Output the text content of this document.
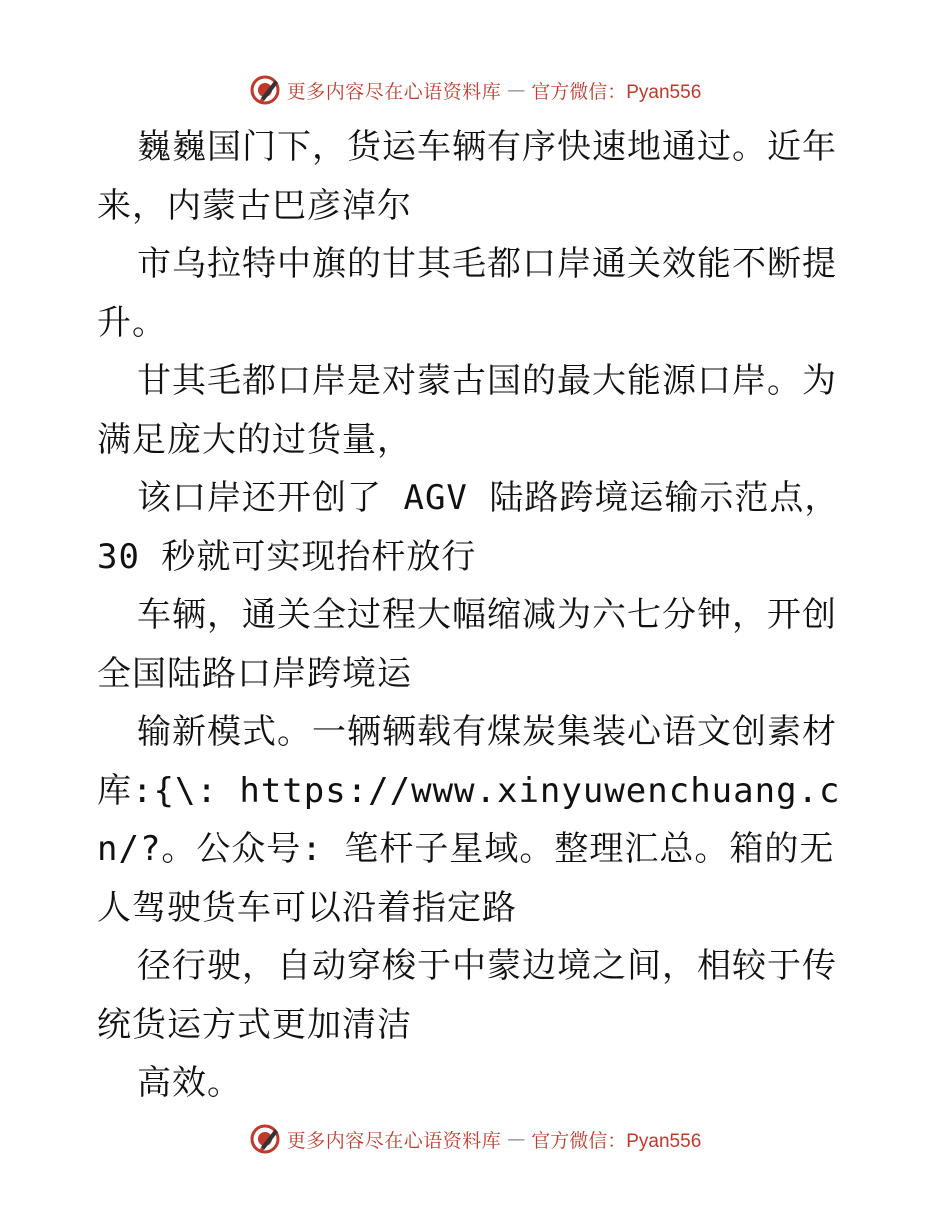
更多内容尽在心语资料库 — 官方微信：Pyan556

巍巍国门下，货运车辆有序快速地通过。近年来，内蒙古巴彦淖尔

市乌拉特中旗的甘其毛都口岸通关效能不断提升。

甘其毛都口岸是对蒙古国的最大能源口岸。为满足庞大的过货量，

该口岸还开创了 AGV 陆路跨境运输示范点，30 秒就可实现抬杆放行

车辆，通关全过程大幅缩减为六七分钟，开创全国陆路口岸跨境运

输新模式。一辆辆载有煤炭集装心语文创素材库:{\: https://www.xinyuwenchuang.cn/?。公众号: 笔杆子星域。整理汇总。箱的无人驾驶货车可以沿着指定路

径行驶，自动穿梭于中蒙边境之间，相较于传统货运方式更加清洁

高效。

更多内容尽在心语资料库 — 官方微信：Pyan556
